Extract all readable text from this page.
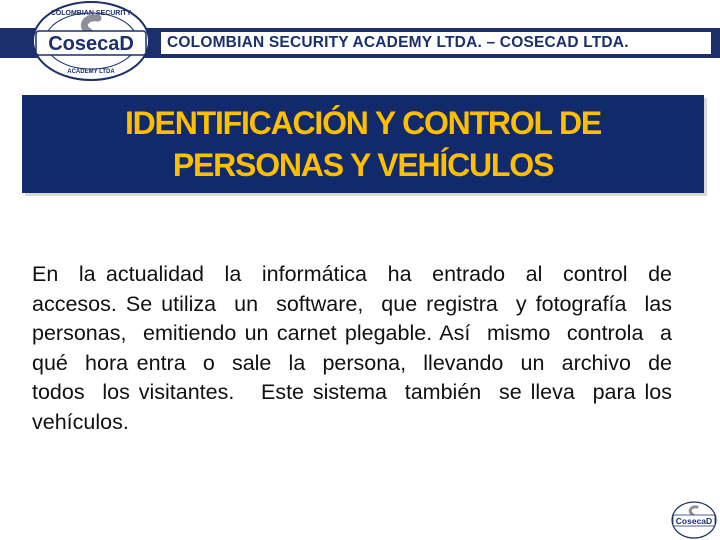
COLOMBIAN SECURITY ACADEMY LTDA. – COSECAD LTDA.
COLOMBIAN SECURITY
ACADEMY LTDA
CosecaD
IDENTIFICACIÓN Y CONTROL DE
PERSONAS Y VEHÍCULOS
En  la actualidad  la  informática  ha  entrado  al  control  de  accesos. Se utiliza  un  software,  que registra  y fotografía  las  personas,  emitiendo un carnet plegable. Así  mismo  controla  a  qué  hora entra  o  sale  la  persona,  llevando  un  archivo  de todos  los visitantes.   Este sistema  también  se lleva  para los  vehículos.
CosecaD
